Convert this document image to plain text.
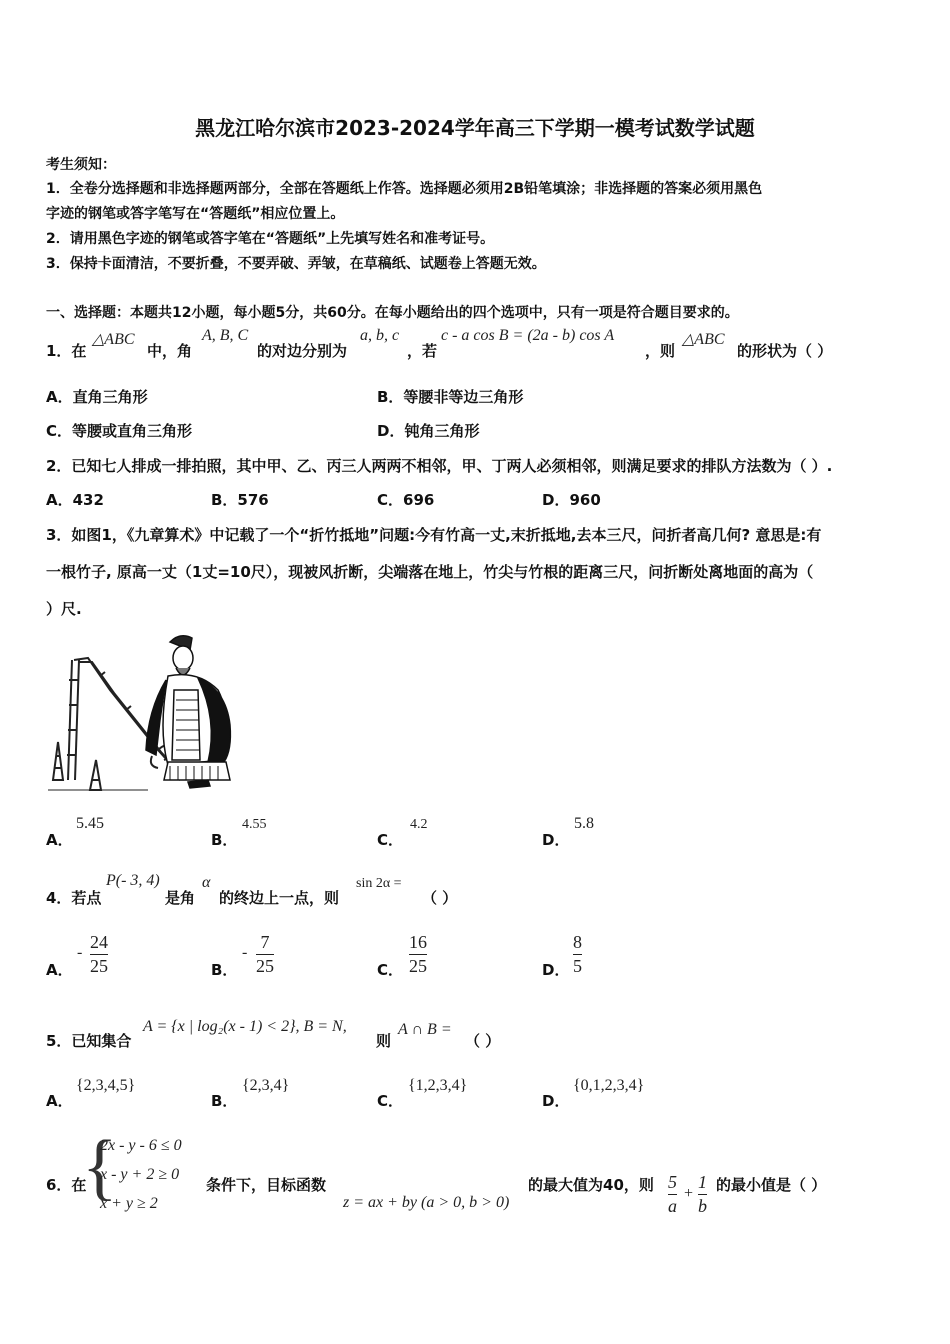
黑龙江哈尔滨市2023-2024学年高三下学期一模考试数学试题
考生须知：
1．全卷分选择题和非选择题两部分，全部在答题纸上作答。选择题必须用2B铅笔填涂；非选择题的答案必须用黑色
字迹的钢笔或答字笔写在“答题纸”相应位置上。
2．请用黑色字迹的钢笔或答字笔在“答题纸”上先填写姓名和准考证号。
3．保持卡面清洁，不要折叠，不要弄破、弄皱，在草稿纸、试题卷上答题无效。
一、选择题：本题共12小题，每小题5分，共60分。在每小题给出的四个选项中，只有一项是符合题目要求的。
1．在
△ABC
中，角
A, B, C
的对边分别为
a, b, c
，若
c - a cos B = (2a - b) cos A
，则
△ABC
的形状为（ ）
A．直角三角形	B．等腰非等边三角形
C．等腰或直角三角形	D．钝角三角形
2．已知七人排成一排拍照，其中甲、乙、丙三人两两不相邻，甲、丁两人必须相邻，则满足要求的排队方法数为（ ）.
A．432	B．576	C．696	D．960
3．如图1，《九章算术》中记载了一个“折竹抵地”问题:今有竹高一丈,末折抵地,去本三尺，问折者高几何? 意思是:有
一根竹子, 原高一丈（1丈=10尺），现被风折断，尖端落在地上，竹尖与竹根的距离三尺，问折断处离地面的高为（
）尺.
A．
5.45
B．
4.55
C．
4.2
D．
5.8
4．若点
P(- 3, 4)
是角
α
的终边上一点，则
sin 2α =
（ ）
A．
-
24
25	B．
-
7
25	C．
16
25	D．
8
5
5．已知集合
A = {x | log₂(x - 1) < 2}, B = N,
则
A ∩ B =
（ ）
A．
{2,3,4,5}
B．
{2,3,4}
C．
{1,2,3,4}
D．
{0,1,2,3,4}
6．在
{
2x - y - 6 ≤ 0
x - y + 2 ≥ 0
x + y ≥ 2
条件下，目标函数
z = ax + by (a > 0, b > 0)
的最大值为40，则 5
a
+
1
b
的最小值是（ ）
